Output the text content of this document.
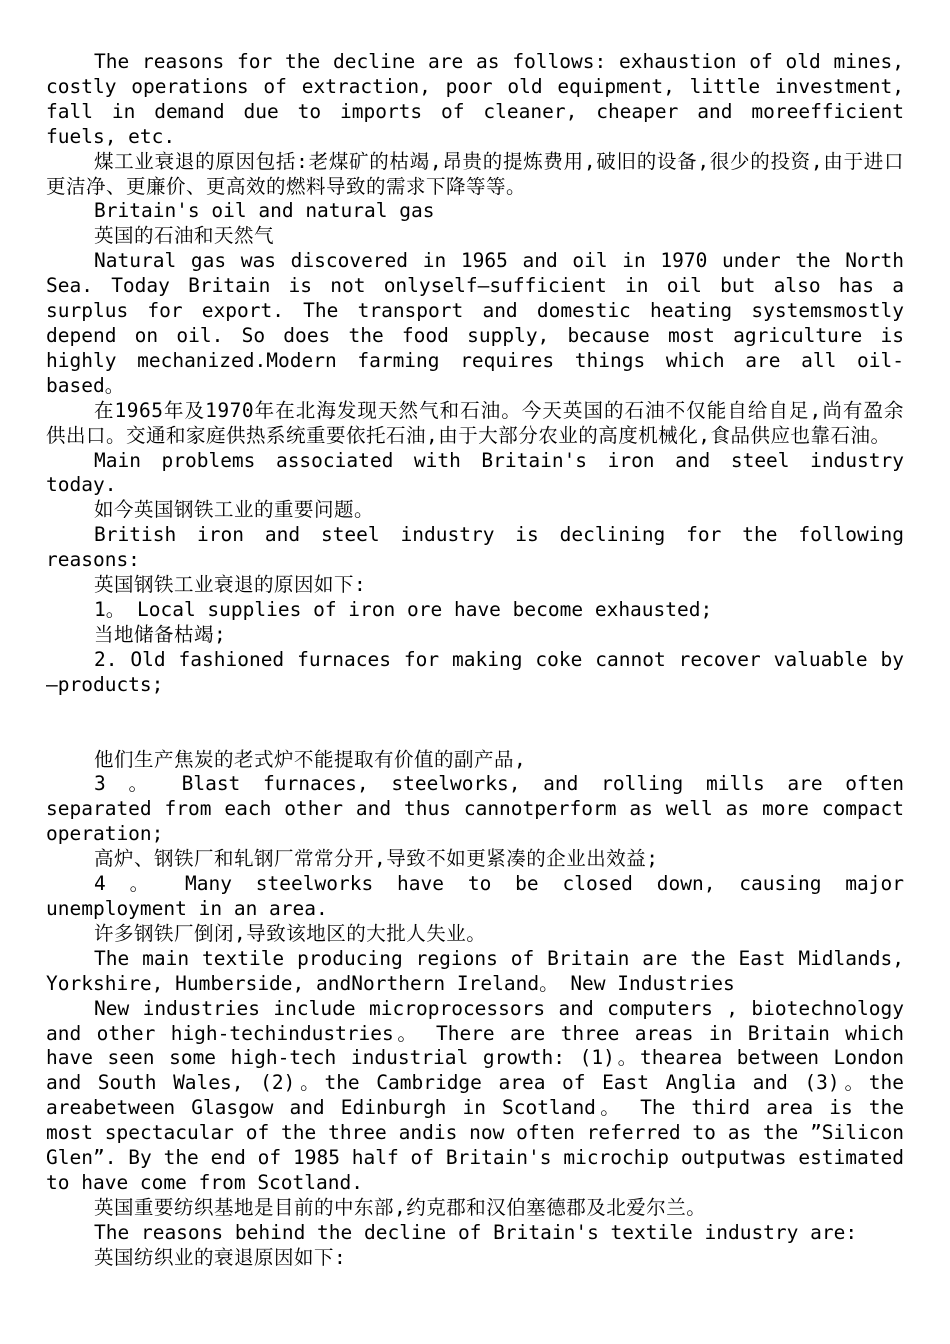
The reasons for the decline are as follows: exhaustion of old mines, costly operations of extraction, poor old equipment, little investment, fall in demand due to imports of cleaner, cheaper and moreefficient fuels, etc.

煤工业衰退的原因包括:老煤矿的枯竭,昂贵的提炼费用,破旧的设备,很少的投资,由于进口更洁净、更廉价、更高效的燃料导致的需求下降等等。

Britain's oil and natural gas

英国的石油和天然气

Natural gas was discovered in 1965 and oil in 1970 under the North Sea. Today Britain is not onlyself—sufficient in oil but also has a surplus for export. The transport and domestic heating systemsmostly depend on oil. So does the food supply, because most agriculture is highly mechanized.Modern farming requires things which are all oil-based。

在1965年及1970年在北海发现天然气和石油。今天英国的石油不仅能自给自足,尚有盈余供出口。交通和家庭供热系统重要依托石油,由于大部分农业的高度机械化,食品供应也靠石油。

Main problems associated with Britain's iron and steel industry today.

如今英国钢铁工业的重要问题。

British iron and steel industry is declining for the following reasons:

英国钢铁工业衰退的原因如下:

1。 Local supplies of iron ore have become exhausted;

当地储备枯竭;

2. Old fashioned furnaces for making coke cannot recover valuable by—products;

他们生产焦炭的老式炉不能提取有价值的副产品,

3 。 Blast furnaces, steelworks, and rolling mills are often separated from each other and thus cannotperform as well as more compact operation;

高炉、钢铁厂和轧钢厂常常分开,导致不如更紧凑的企业出效益;

4 。 Many steelworks have to be closed down, causing major unemployment in an area.

许多钢铁厂倒闭,导致该地区的大批人失业。

The main textile producing regions of Britain are the East Midlands, Yorkshire, Humberside, andNorthern Ireland。 New Industries

New industries include microprocessors and computers , biotechnology and other high-techindustries。 There are three areas in Britain which have seen some high-tech industrial growth: (1)。thearea between London and South Wales, (2)。the Cambridge area of East Anglia and (3)。the areabetween Glasgow and Edinburgh in Scotland。 The third area is the most spectacular of the three andis now often referred to as the ”Silicon Glen”. By the end of 1985 half of Britain's microchip outputwas estimated to have come from Scotland.

英国重要纺织基地是目前的中东部,约克郡和汉伯塞德郡及北爱尔兰。

The reasons behind the decline of Britain's textile industry are:

英国纺织业的衰退原因如下:
